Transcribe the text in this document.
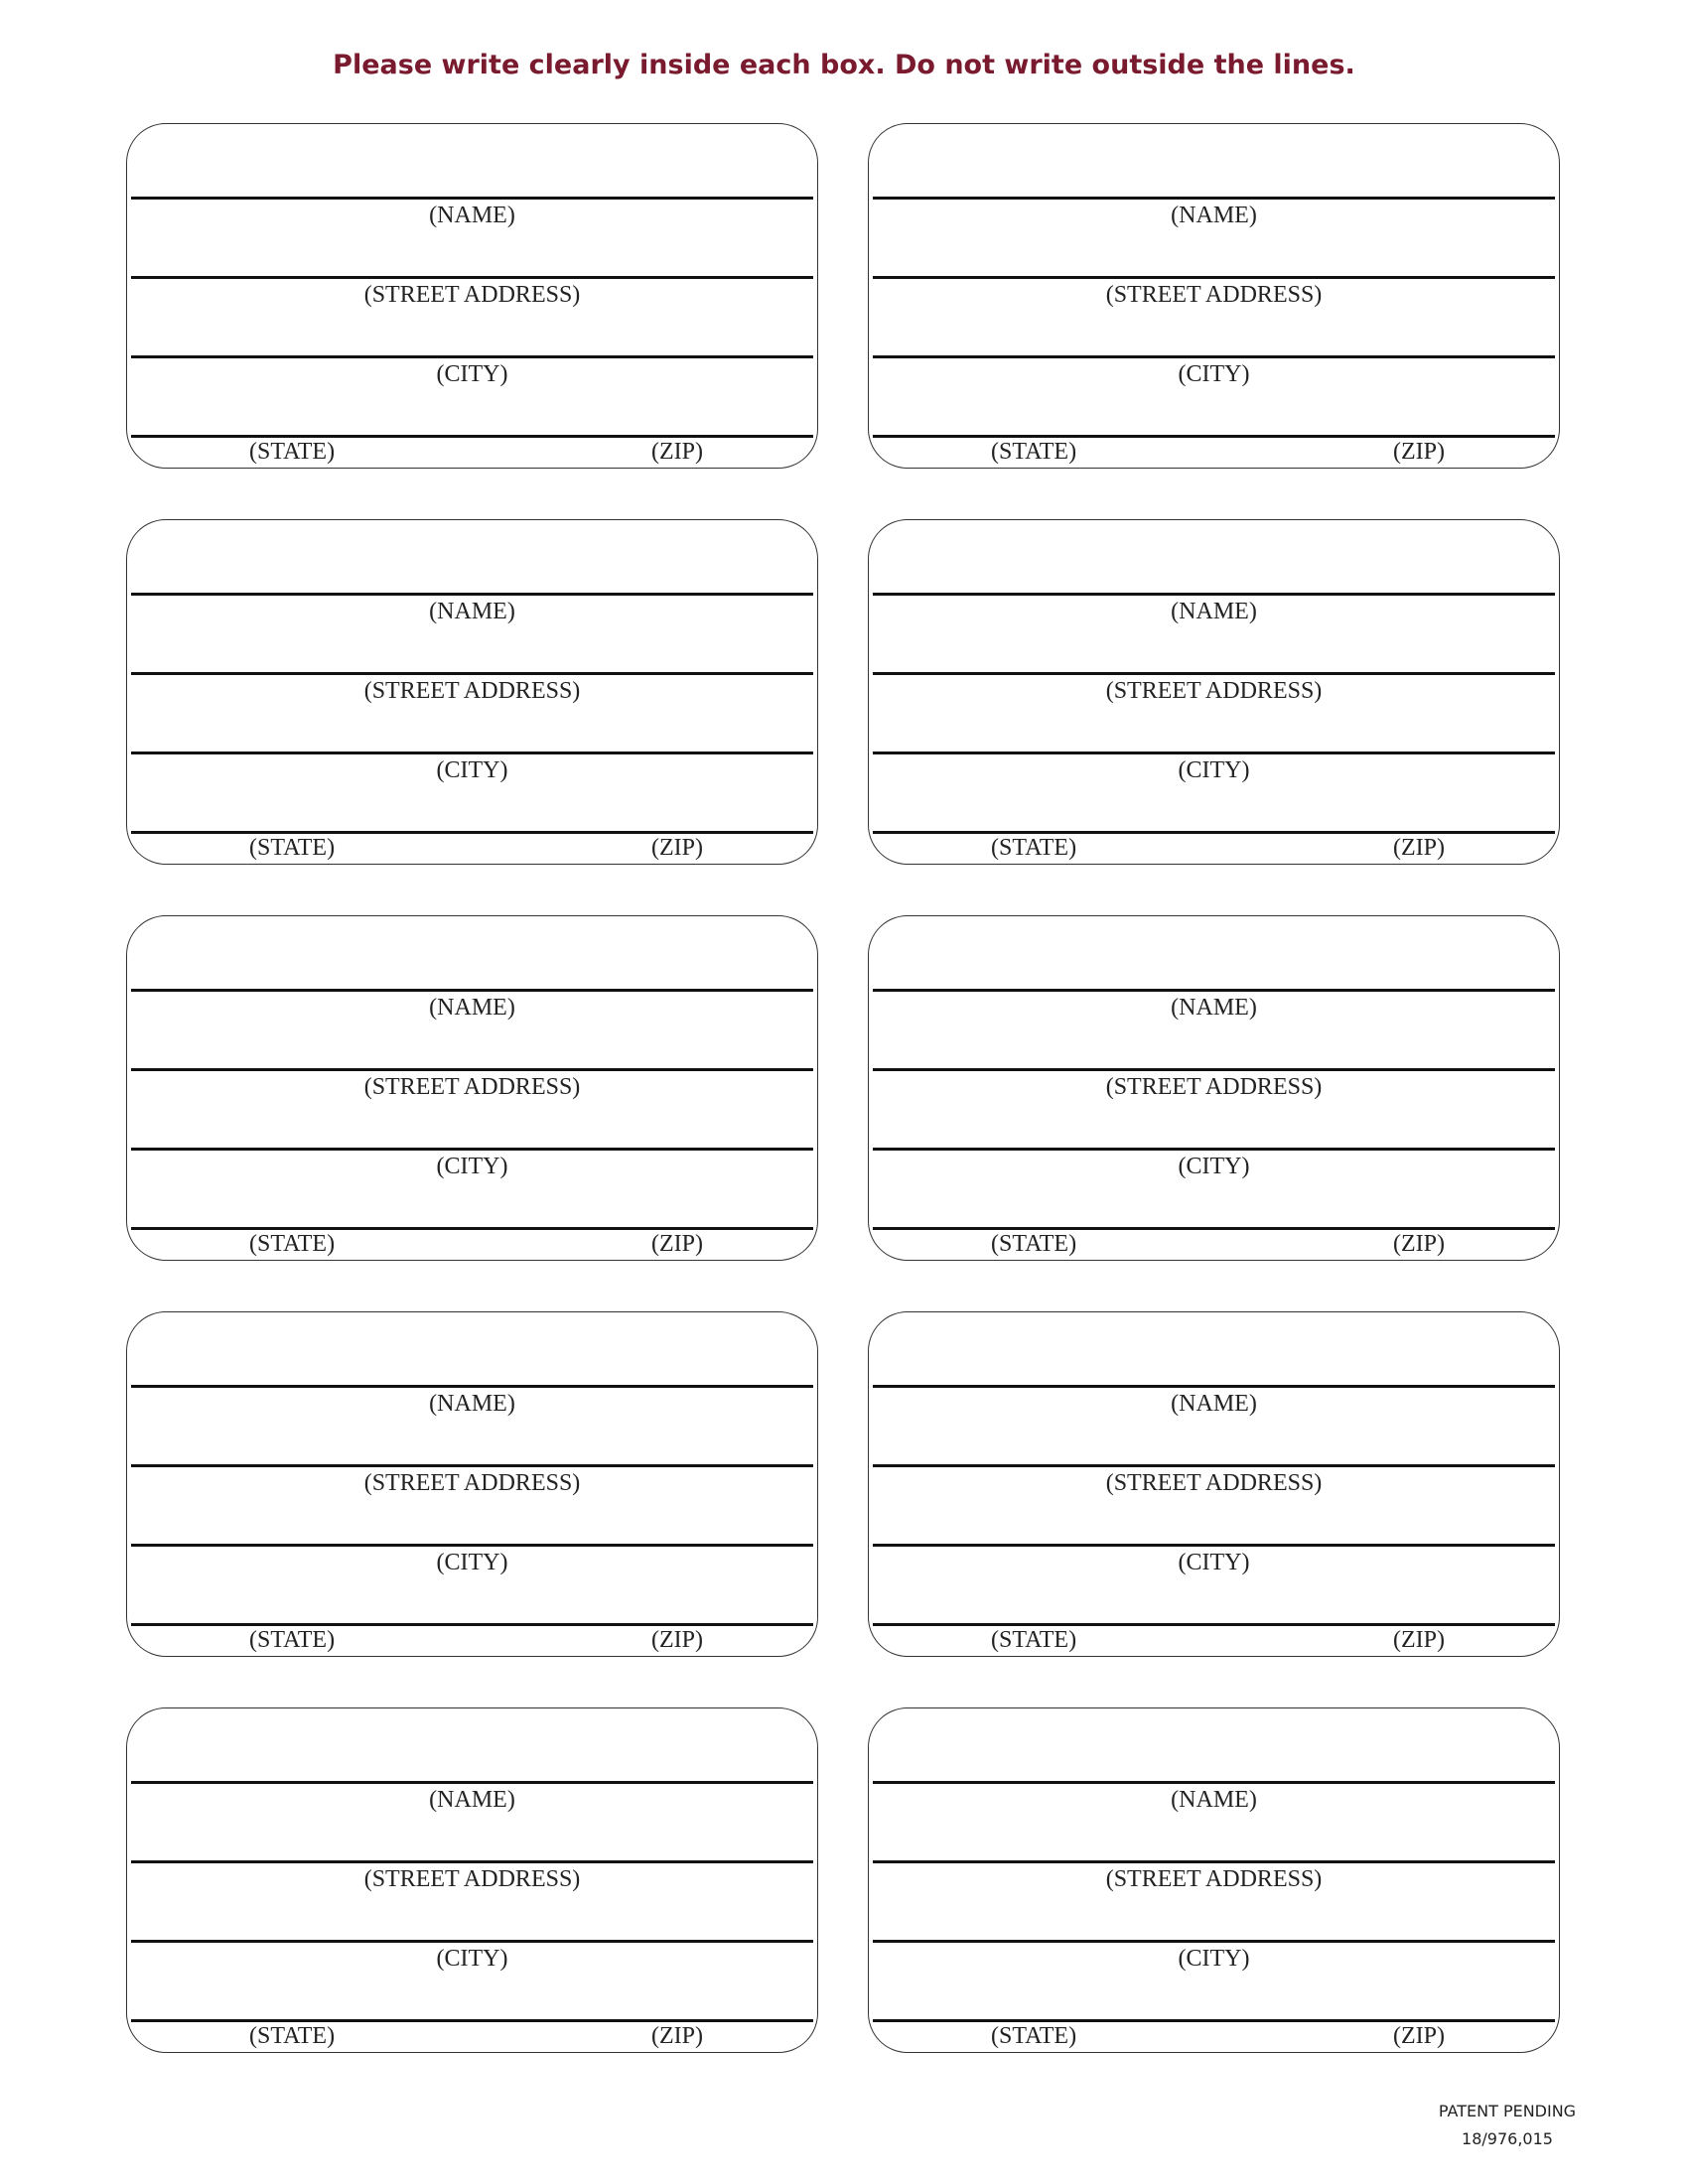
Please write clearly inside each box. Do not write outside the lines.
(NAME)
(STREET ADDRESS)
(CITY)
(STATE)	(ZIP)
(NAME)
(STREET ADDRESS)
(CITY)
(STATE)	(ZIP)
(NAME)
(STREET ADDRESS)
(CITY)
(STATE)	(ZIP)
(NAME)
(STREET ADDRESS)
(CITY)
(STATE)	(ZIP)
(NAME)
(STREET ADDRESS)
(CITY)
(STATE)	(ZIP)
(NAME)
(STREET ADDRESS)
(CITY)
(STATE)	(ZIP)
(NAME)
(STREET ADDRESS)
(CITY)
(STATE)	(ZIP)
(NAME)
(STREET ADDRESS)
(CITY)
(STATE)	(ZIP)
(NAME)
(STREET ADDRESS)
(CITY)
(STATE)	(ZIP)
(NAME)
(STREET ADDRESS)
(CITY)
(STATE)	(ZIP)
PATENT PENDING
18/976,015
